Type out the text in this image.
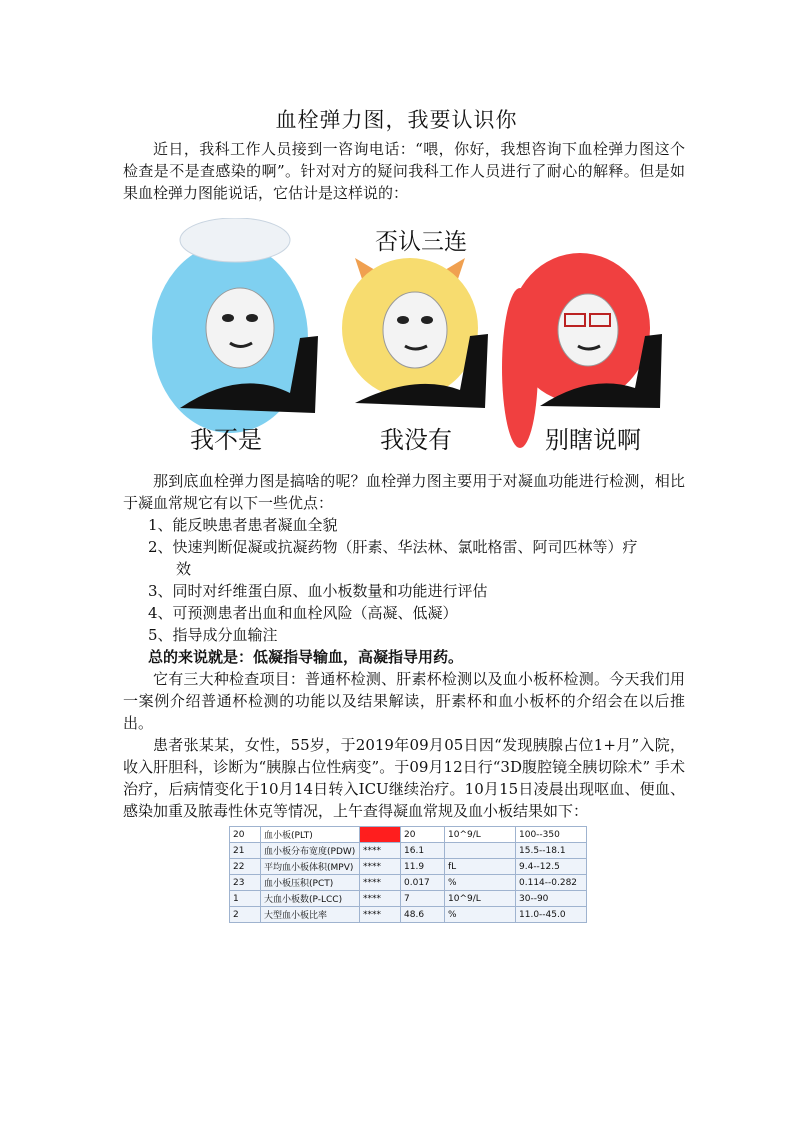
血栓弹力图，我要认识你

近日，我科工作人员接到一咨询电话：“喂，你好，我想咨询下血栓弹力图这个检查是不是查感染的啊”。针对对方的疑问我科工作人员进行了耐心的解释。但是如果血栓弹力图能说话，它估计是这样说的：

否认三连
我不是	我没有	别瞎说啊

那到底血栓弹力图是搞啥的呢？血栓弹力图主要用于对凝血功能进行检测，相比于凝血常规它有以下一些优点：

1、能反映患者患者凝血全貌
2、快速判断促凝或抗凝药物（肝素、华法林、氯吡格雷、阿司匹林等）疗
效
3、同时对纤维蛋白原、血小板数量和功能进行评估
4、可预测患者出血和血栓风险（高凝、低凝）
5、指导成分血输注
总的来说就是：低凝指导输血，高凝指导用药。

它有三大种检查项目：普通杯检测、肝素杯检测以及血小板杯检测。今天我们用一案例介绍普通杯检测的功能以及结果解读，肝素杯和血小板杯的介绍会在以后推出。

患者张某某，女性，55岁，于2019年09月05日因“发现胰腺占位1+月”入院，收入肝胆科，诊断为“胰腺占位性病变”。于09月12日行“3D腹腔镜全胰切除术” 手术治疗，后病情变化于10月14日转入ICU继续治疗。10月15日凌晨出现呕血、便血、感染加重及脓毒性休克等情况，上午查得凝血常规及血小板结果如下：

20	血小板(PLT)	↓	20	10^9/L	100--350
21	血小板分布宽度(PDW)	****	16.1		15.5--18.1
22	平均血小板体积(MPV)	****	11.9	fL	9.4--12.5
23	血小板压积(PCT)	****	0.017	%	0.114--0.282
1	大血小板数(P-LCC)	****	7	10^9/L	30--90
2	大型血小板比率	****	48.6	%	11.0--45.0
